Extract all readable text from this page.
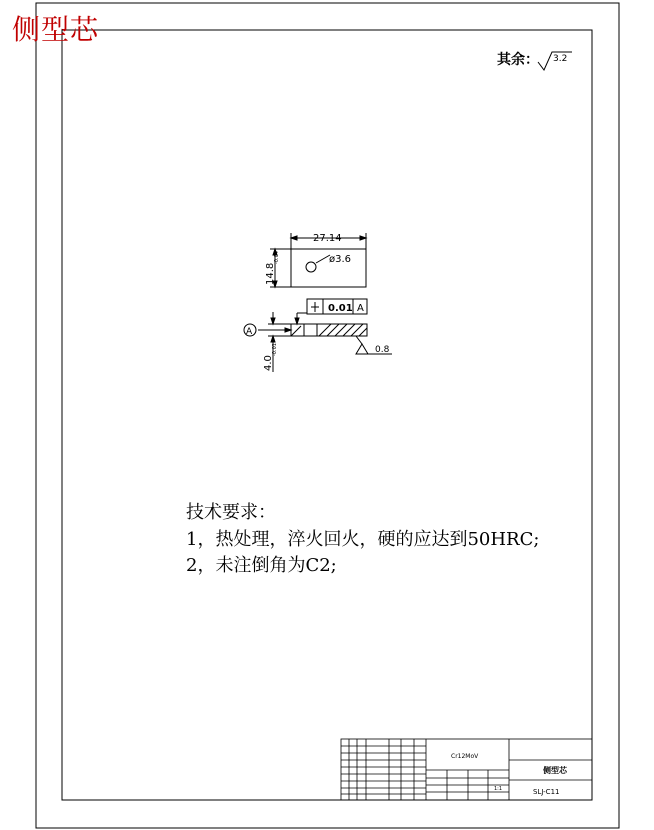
3.2
27.14
ø3.6
14.8
-0.04
A
0.01 A
0.8
4.0
-0.01
Cr12MoV
侧型芯
SLJ-C11
1:1
侧型芯
其余：
技术要求：
1，热处理，淬火回火，硬的应达到50HRC;
2，未注倒角为C2;
